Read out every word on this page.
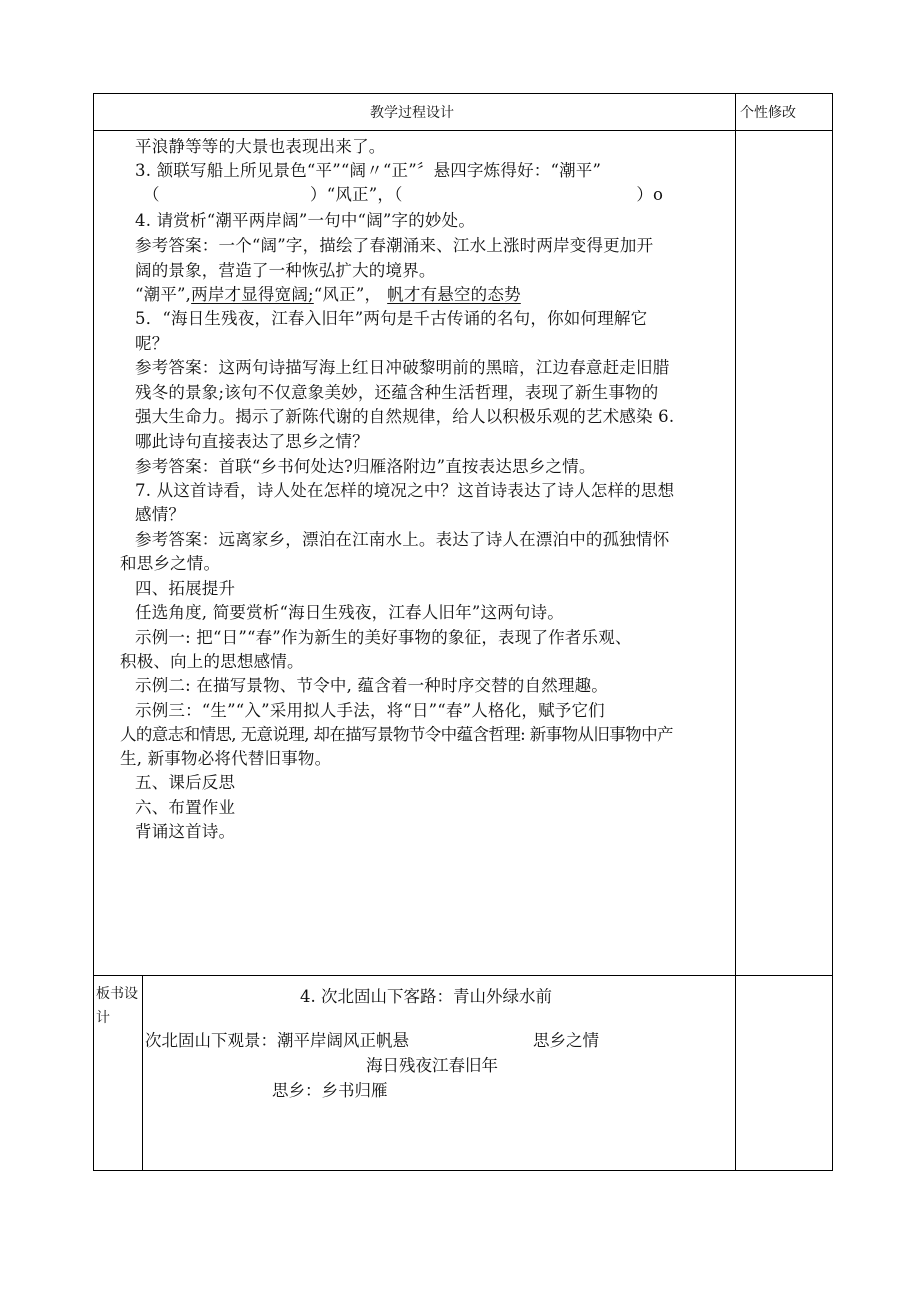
教学过程设计	个性修改
平浪静等等的大景也表现出来了。
3. 颔联写船上所见景色“平”“阔〃“正”〞悬四字炼得好：“潮平”
（　　　　　　　　　）“风正”，（　　　　　　　　　　　　　　）o
4. 请赏析“潮平两岸阔”一句中“阔”字的妙处。
参考答案：一个“阔”字，描绘了春潮涌来、江水上涨时两岸变得更加开
阔的景象，营造了一种恢弘扩大的境界。
“潮平”,两岸才显得宽阔;“风正”， 帆才有悬空的态势
5．“海日生残夜，江春入旧年”两句是千古传诵的名句，你如何理解它
呢？
参考答案：这两句诗描写海上红日冲破黎明前的黑暗，江边春意赶走旧腊
残冬的景象;该句不仅意象美妙，还蕴含种生活哲理，表现了新生事物的
强大生命力。揭示了新陈代谢的自然规律，给人以积极乐观的艺术感染 6.
哪此诗句直接表达了思乡之情？
参考答案：首联“乡书何处达?归雁洛附边”直按表达思乡之情。
7. 从这首诗看，诗人处在怎样的境况之中？这首诗表达了诗人怎样的思想
感情？
参考答案：远离家乡，漂泊在江南水上。表达了诗人在漂泊中的孤独情怀
和思乡之情。
四、拓展提升
任选角度, 简要赏析“海日生残夜，江春人旧年”这两句诗。
示例一: 把“日”“春”作为新生的美好事物的象征，表现了作者乐观、
积极、向上的思想感情。
示例二: 在描写景物、节令中, 蕴含着一种时序交替的自然理趣。
示例三：“生”“入”采用拟人手法，将“日”“春”人格化，赋予它们
人的意志和情思, 无意说理, 却在描写景物节令中蕴含哲理: 新事物从旧事物中产
生, 新事物必将代替旧事物。
五、课后反思
六、布置作业
背诵这首诗。
板书设
计
4. 次北固山下客路：青山外绿水前
次北固山下观景：潮平岸阔风正帆悬	思乡之情
海日残夜江春旧年
思乡：乡书归雁
